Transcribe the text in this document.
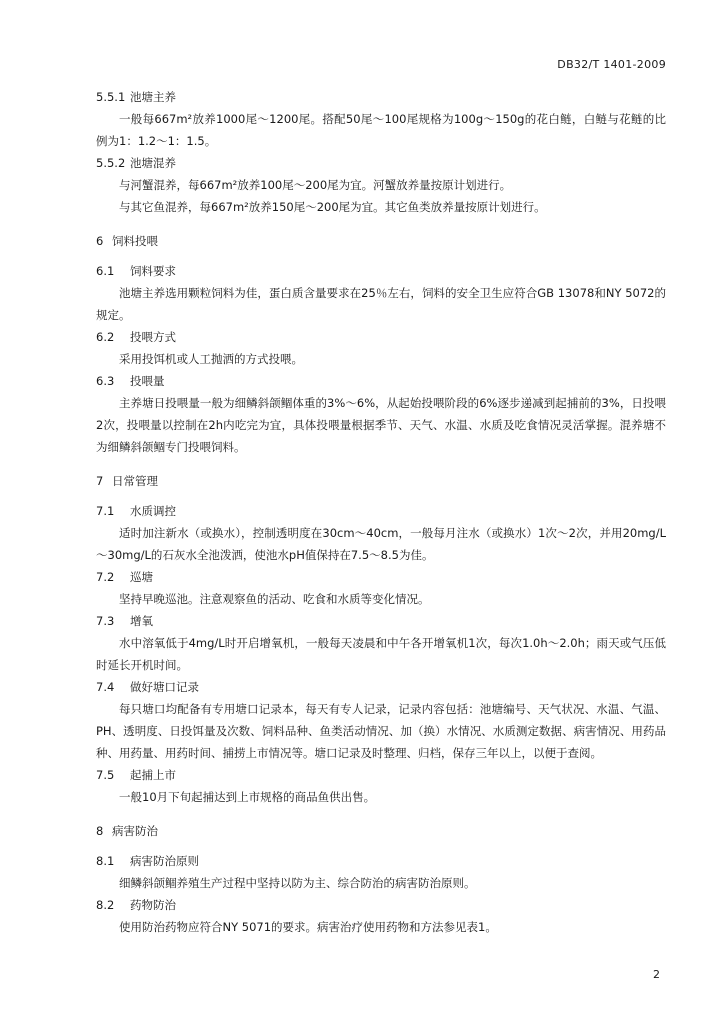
DB32/T 1401-2009
5.5.1 池塘主养
一般每667m²放养1000尾～1200尾。搭配50尾～100尾规格为100g～150g的花白鲢，白鲢与花鲢的比例为1：1.2～1：1.5。
5.5.2 池塘混养
与河蟹混养，每667m²放养100尾～200尾为宜。河蟹放养量按原计划进行。
与其它鱼混养，每667m²放养150尾～200尾为宜。其它鱼类放养量按原计划进行。
6 饲料投喂
6.1 饲料要求
池塘主养选用颗粒饲料为佳，蛋白质含量要求在25％左右，饲料的安全卫生应符合GB 13078和NY 5072的规定。
6.2 投喂方式
采用投饵机或人工抛洒的方式投喂。
6.3 投喂量
主养塘日投喂量一般为细鳞斜颌鲴体重的3%～6%，从起始投喂阶段的6%逐步递减到起捕前的3%，日投喂2次，投喂量以控制在2h内吃完为宜，具体投喂量根据季节、天气、水温、水质及吃食情况灵活掌握。混养塘不为细鳞斜颌鲴专门投喂饲料。
7 日常管理
7.1 水质调控
适时加注新水（或换水），控制透明度在30cm～40cm，一般每月注水（或换水）1次～2次，并用20mg/L～30mg/L的石灰水全池泼洒，使池水pH值保持在7.5～8.5为佳。
7.2 巡塘
坚持早晚巡池。注意观察鱼的活动、吃食和水质等变化情况。
7.3 增氧
水中溶氧低于4mg/L时开启增氧机，一般每天凌晨和中午各开增氧机1次，每次1.0h～2.0h；雨天或气压低时延长开机时间。
7.4 做好塘口记录
每只塘口均配备有专用塘口记录本，每天有专人记录，记录内容包括：池塘编号、天气状况、水温、气温、PH、透明度、日投饵量及次数、饲料品种、鱼类活动情况、加（换）水情况、水质测定数据、病害情况、用药品种、用药量、用药时间、捕捞上市情况等。塘口记录及时整理、归档，保存三年以上，以便于查阅。
7.5 起捕上市
一般10月下旬起捕达到上市规格的商品鱼供出售。
8 病害防治
8.1 病害防治原则
细鳞斜颌鲴养殖生产过程中坚持以防为主、综合防治的病害防治原则。
8.2 药物防治
使用防治药物应符合NY 5071的要求。病害治疗使用药物和方法参见表1。
2
